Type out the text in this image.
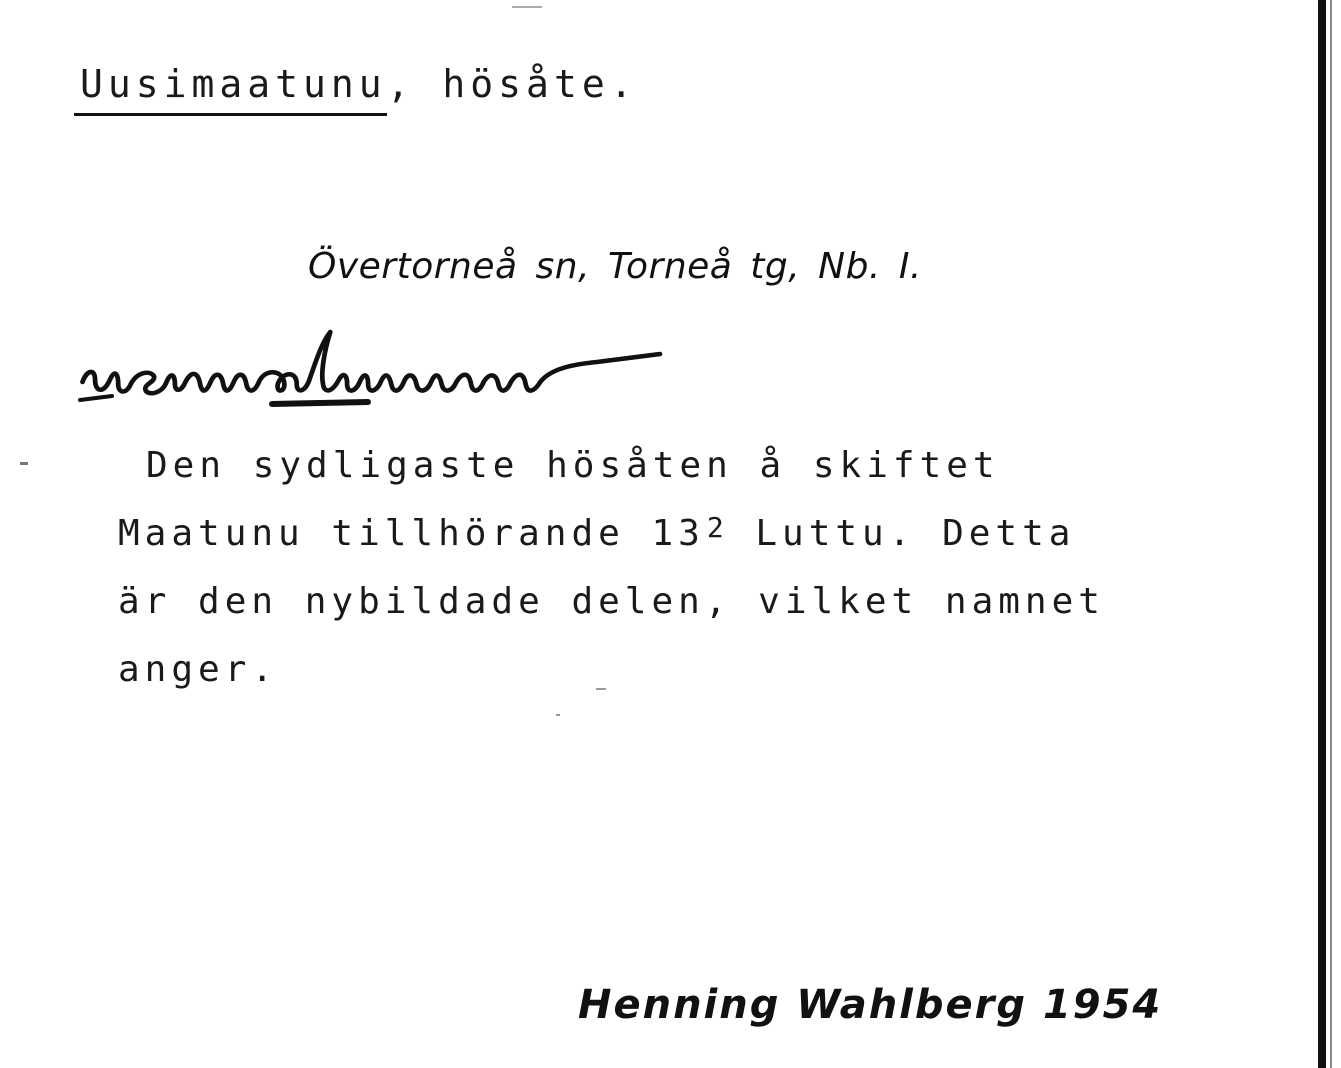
Uusimaatunu
, hösåte.
Övertorneå sn, Torneå tg, Nb. I.
Den sydligaste hösåten å skiftet
Maatunu tillhörande $13^2$ Luttu. Detta
är den nybildade delen, vilket namnet
anger.
Henning Wahlberg 1954
